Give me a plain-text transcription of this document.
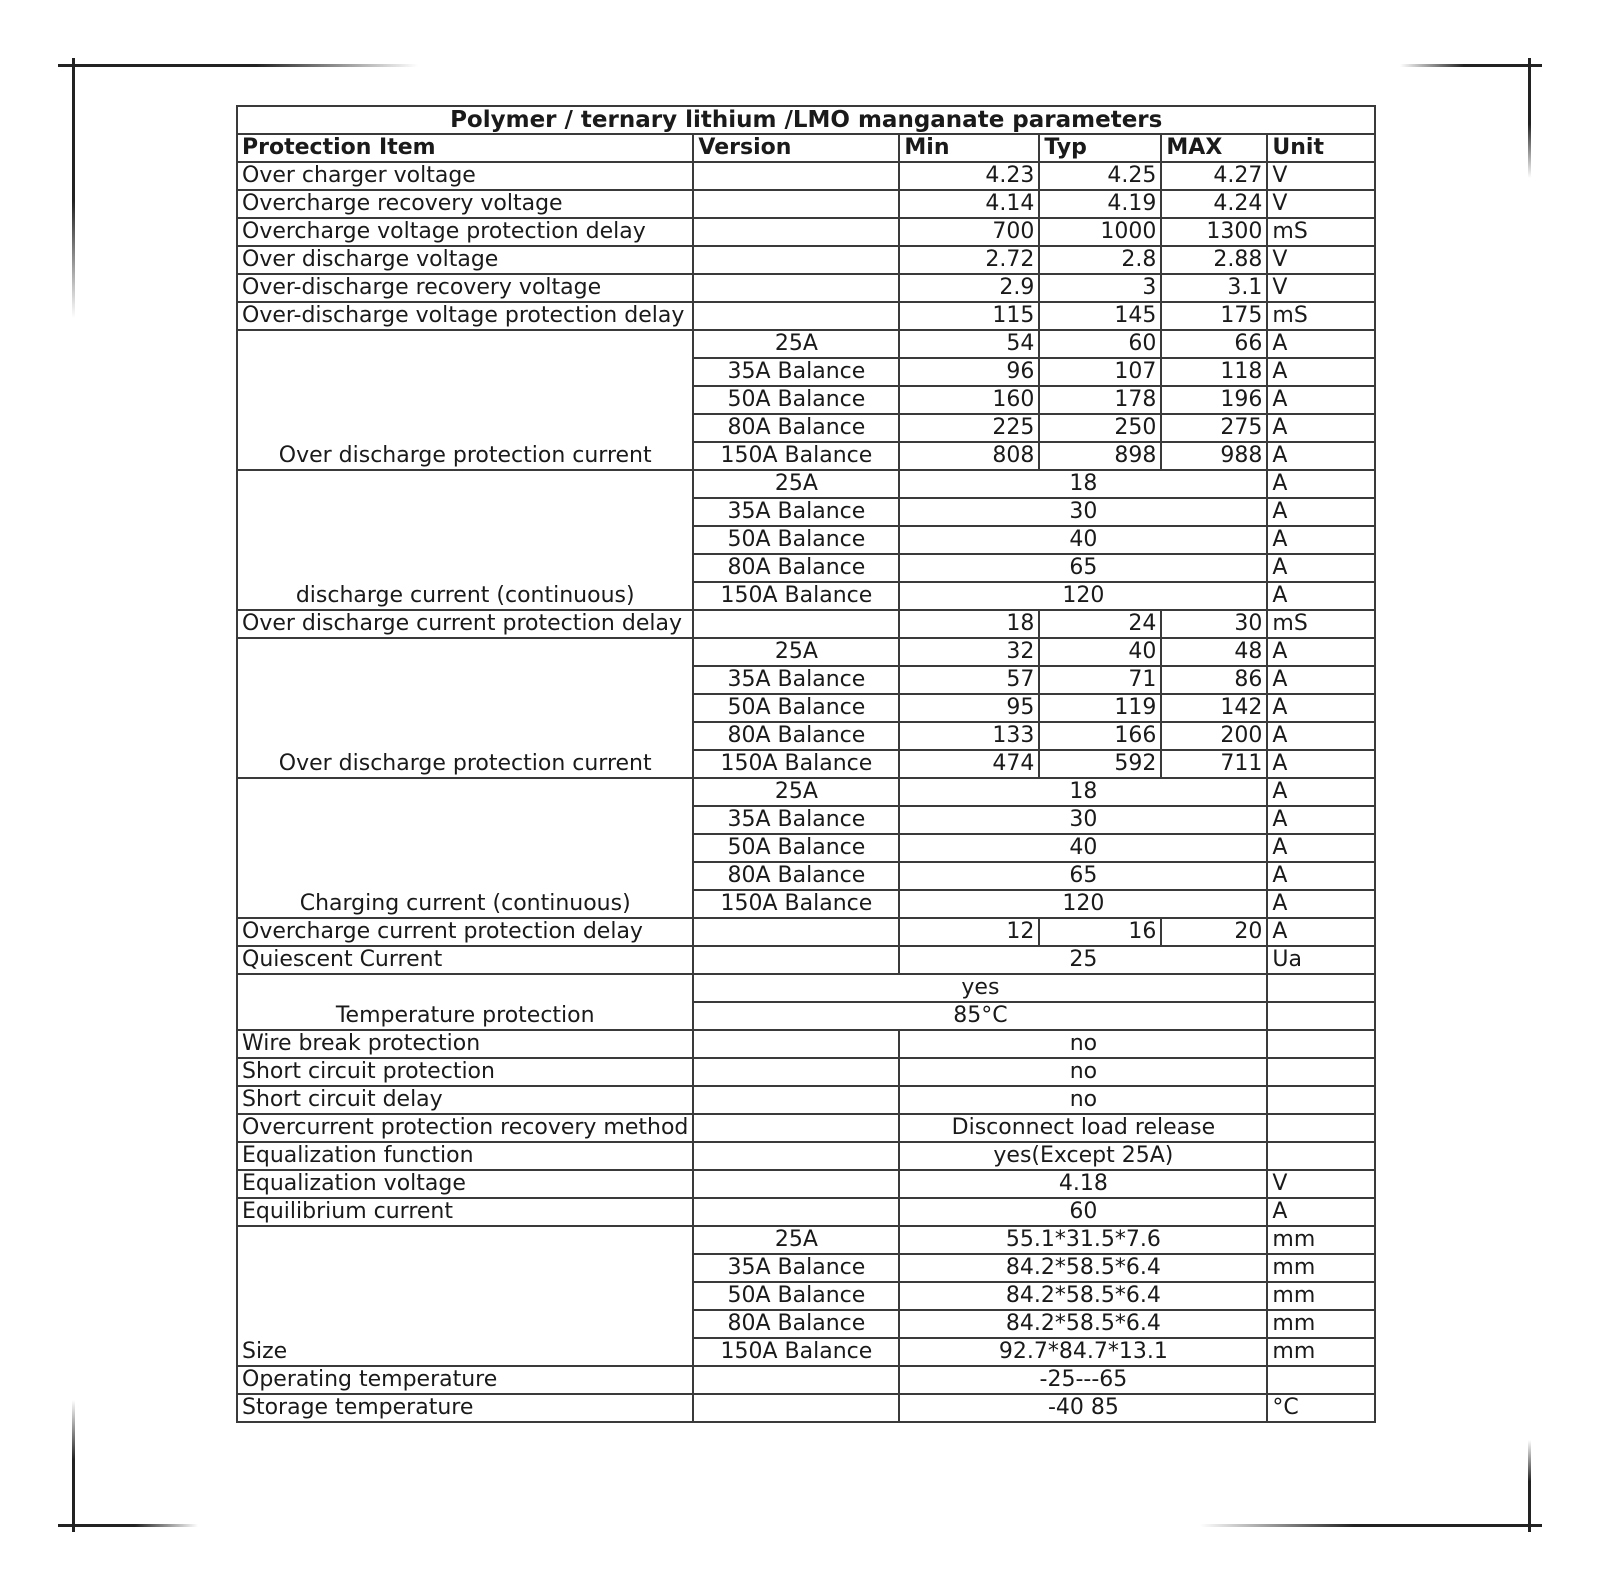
Polymer / ternary lithium /LMO manganate parameters					
Protection Item	Version	Min	Typ	MAX	Unit
Over charger voltage		4.23	4.25	4.27	V
Overcharge recovery voltage		4.14	4.19	4.24	V
Overcharge voltage protection delay		700	1000	1300	mS
Over discharge voltage		2.72	2.8	2.88	V
Over-discharge recovery voltage		2.9	3	3.1	V
Over-discharge voltage protection delay		115	145	175	mS
Over discharge protection current	25A	54	60	66	A
	35A Balance	96	107	118	A
	50A Balance	160	178	196	A
	80A Balance	225	250	275	A
	150A Balance	808	898	988	A
discharge current (continuous)	25A	18			A
	35A Balance	30			A
	50A Balance	40			A
	80A Balance	65			A
	150A Balance	120			A
Over discharge current protection delay		18	24	30	mS
Over discharge protection current	25A	32	40	48	A
	35A Balance	57	71	86	A
	50A Balance	95	119	142	A
	80A Balance	133	166	200	A
	150A Balance	474	592	711	A
Charging current (continuous)	25A	18			A
	35A Balance	30			A
	50A Balance	40			A
	80A Balance	65			A
	150A Balance	120			A
Overcharge current protection delay		12	16	20	A
Quiescent Current		25			Ua
Temperature protection	yes				
	85°C				
Wire break protection		no			
Short circuit protection		no			
Short circuit delay		no			
Overcurrent protection recovery method		Disconnect load release			
Equalization function		yes(Except 25A)			
Equalization voltage		4.18			V
Equilibrium current		60			A
Size	25A	55.1*31.5*7.6			mm
	35A Balance	84.2*58.5*6.4			mm
	50A Balance	84.2*58.5*6.4			mm
	80A Balance	84.2*58.5*6.4			mm
	150A Balance	92.7*84.7*13.1			mm
Operating temperature		-25---65			
Storage temperature		-40 85			°C
